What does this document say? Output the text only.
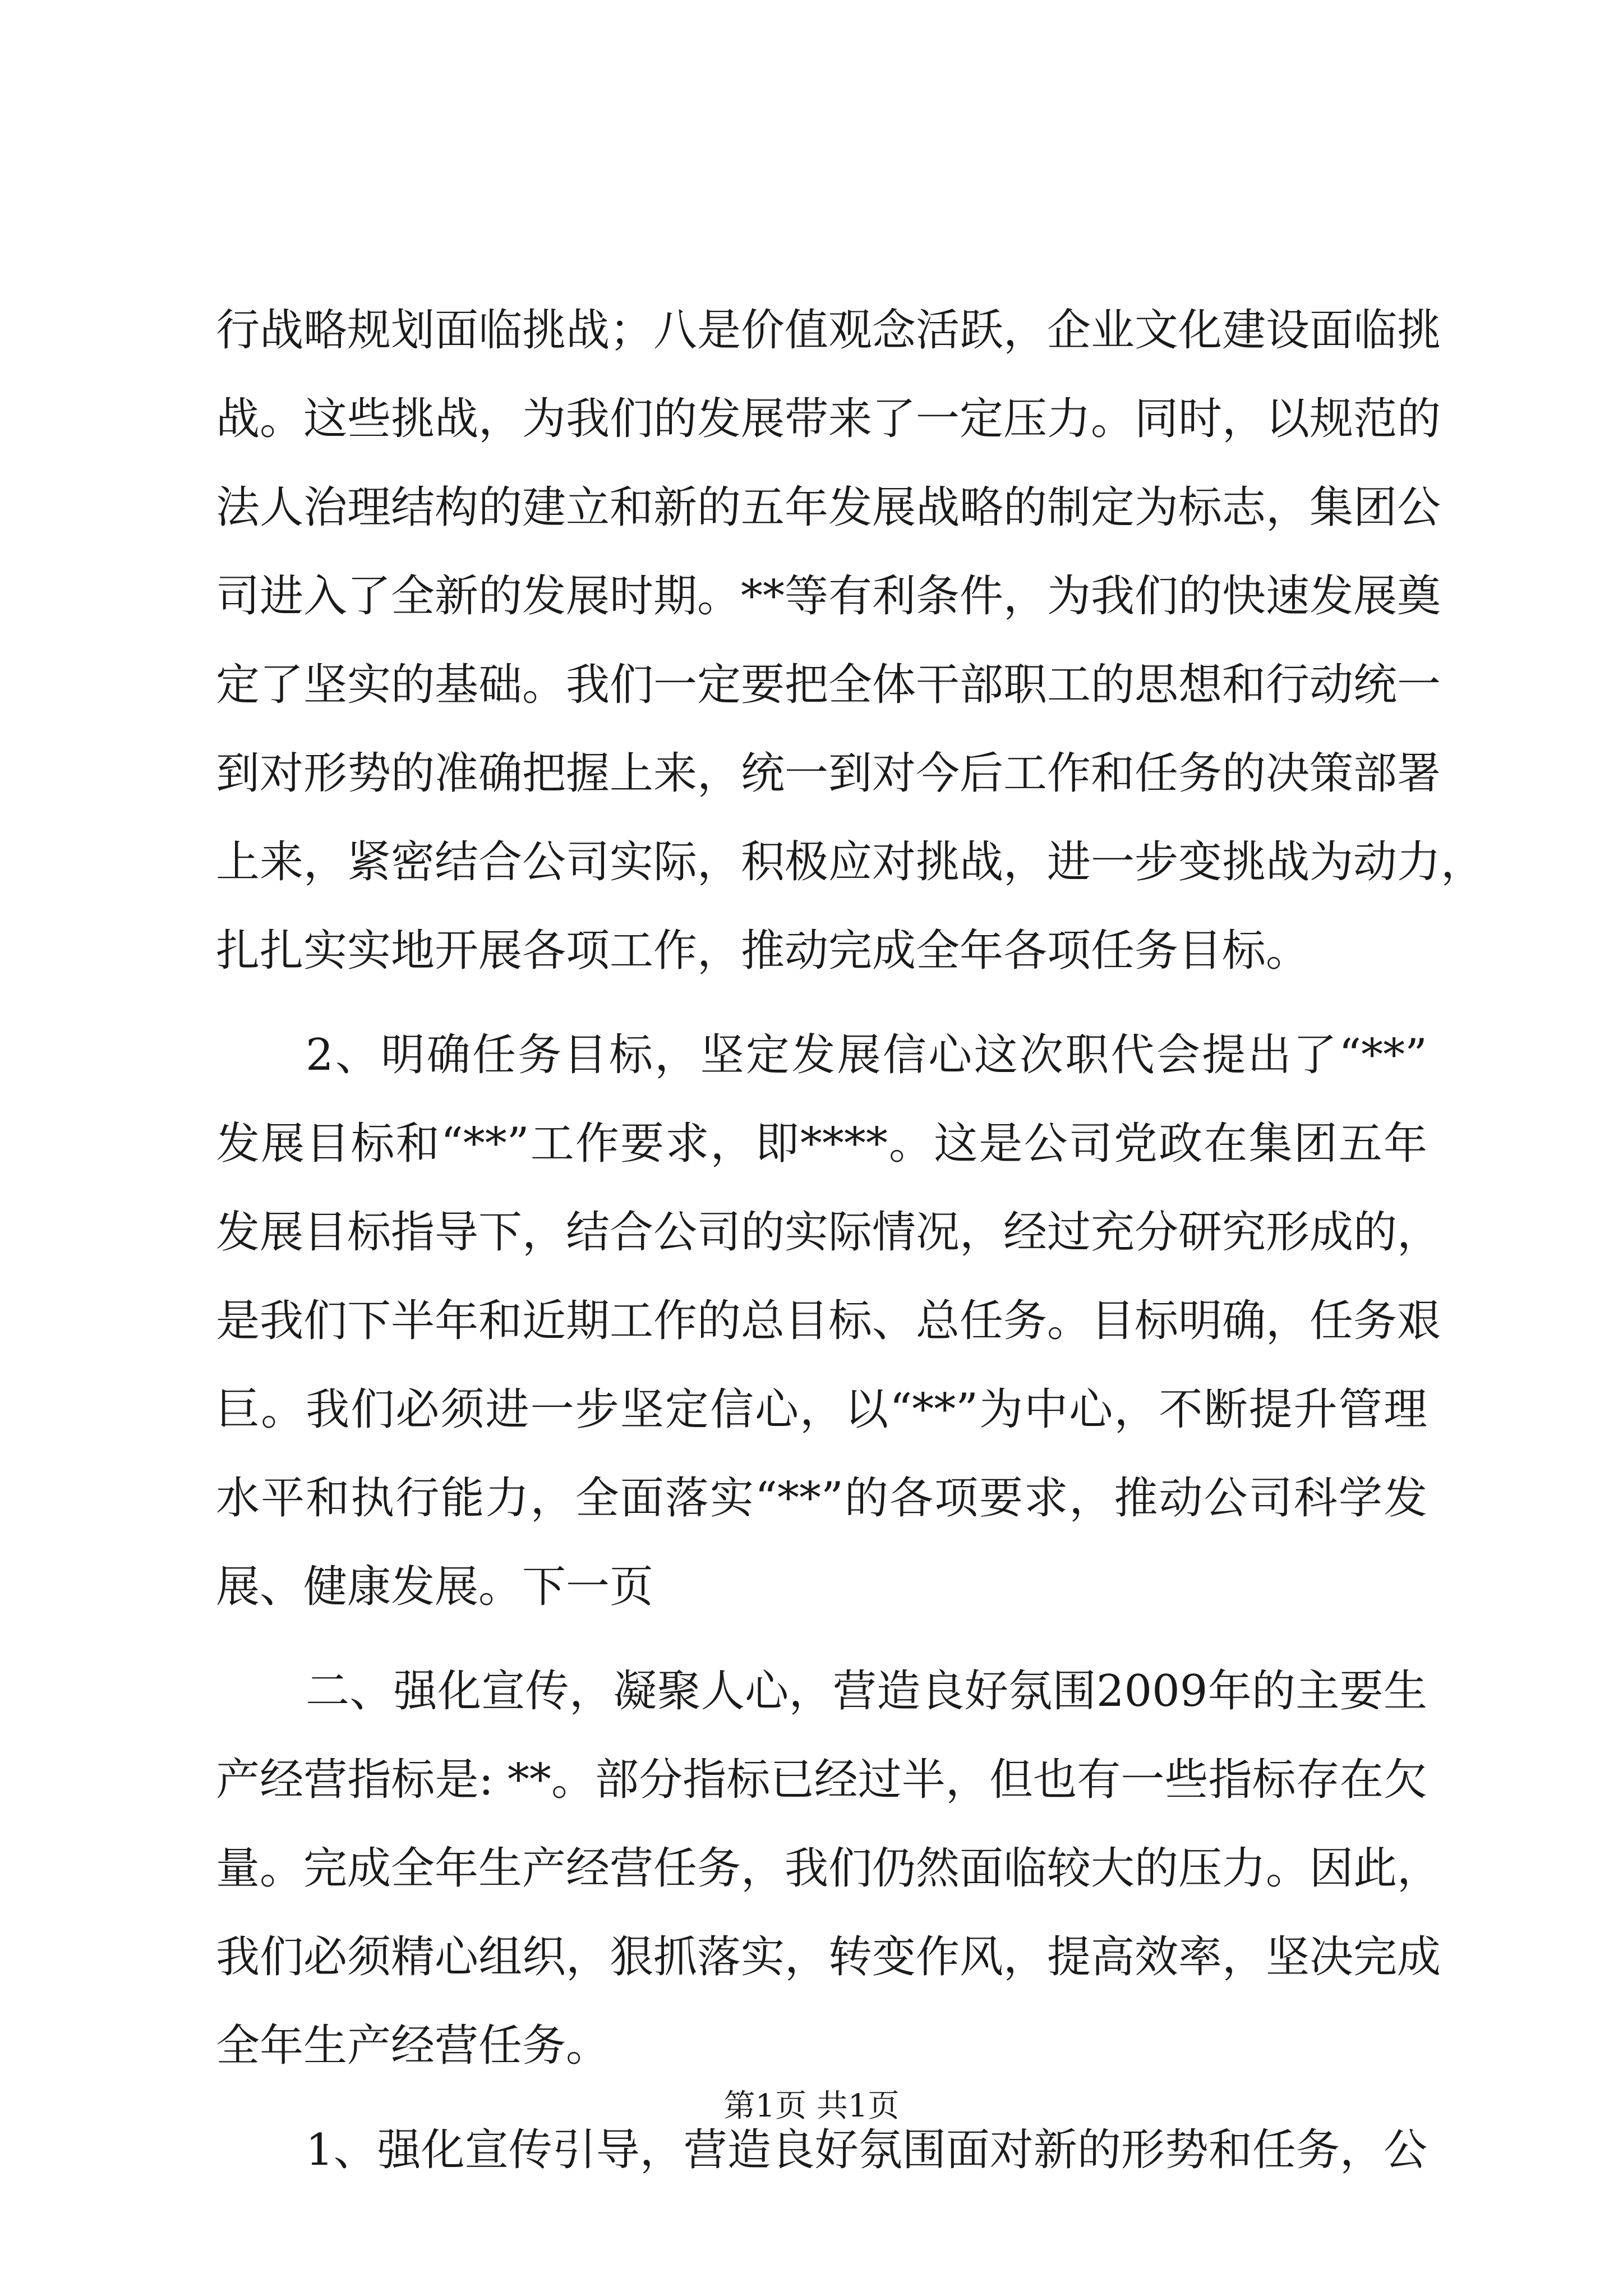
行战略规划面临挑战；八是价值观念活跃，企业文化建设面临挑
战。这些挑战，为我们的发展带来了一定压力。同时，以规范的
法人治理结构的建立和新的五年发展战略的制定为标志，集团公
司进入了全新的发展时期。**等有利条件，为我们的快速发展奠
定了坚实的基础。我们一定要把全体干部职工的思想和行动统一
到对形势的准确把握上来，统一到对今后工作和任务的决策部署
上来，紧密结合公司实际，积极应对挑战，进一步变挑战为动力，
扎扎实实地开展各项工作，推动完成全年各项任务目标。
2、明确任务目标，坚定发展信心这次职代会提出了“**”
发展目标和“**”工作要求，即****。这是公司党政在集团五年
发展目标指导下，结合公司的实际情况，经过充分研究形成的，
是我们下半年和近期工作的总目标、总任务。目标明确，任务艰
巨。我们必须进一步坚定信心，以“**”为中心，不断提升管理
水平和执行能力，全面落实“**”的各项要求，推动公司科学发
展、健康发展。下一页
二、强化宣传，凝聚人心，营造良好氛围2009年的主要生
产经营指标是: **。部分指标已经过半，但也有一些指标存在欠
量。完成全年生产经营任务，我们仍然面临较大的压力。因此，
我们必须精心组织，狠抓落实，转变作风，提高效率，坚决完成
全年生产经营任务。
1、强化宣传引导，营造良好氛围面对新的形势和任务，公
第1页 共1页
